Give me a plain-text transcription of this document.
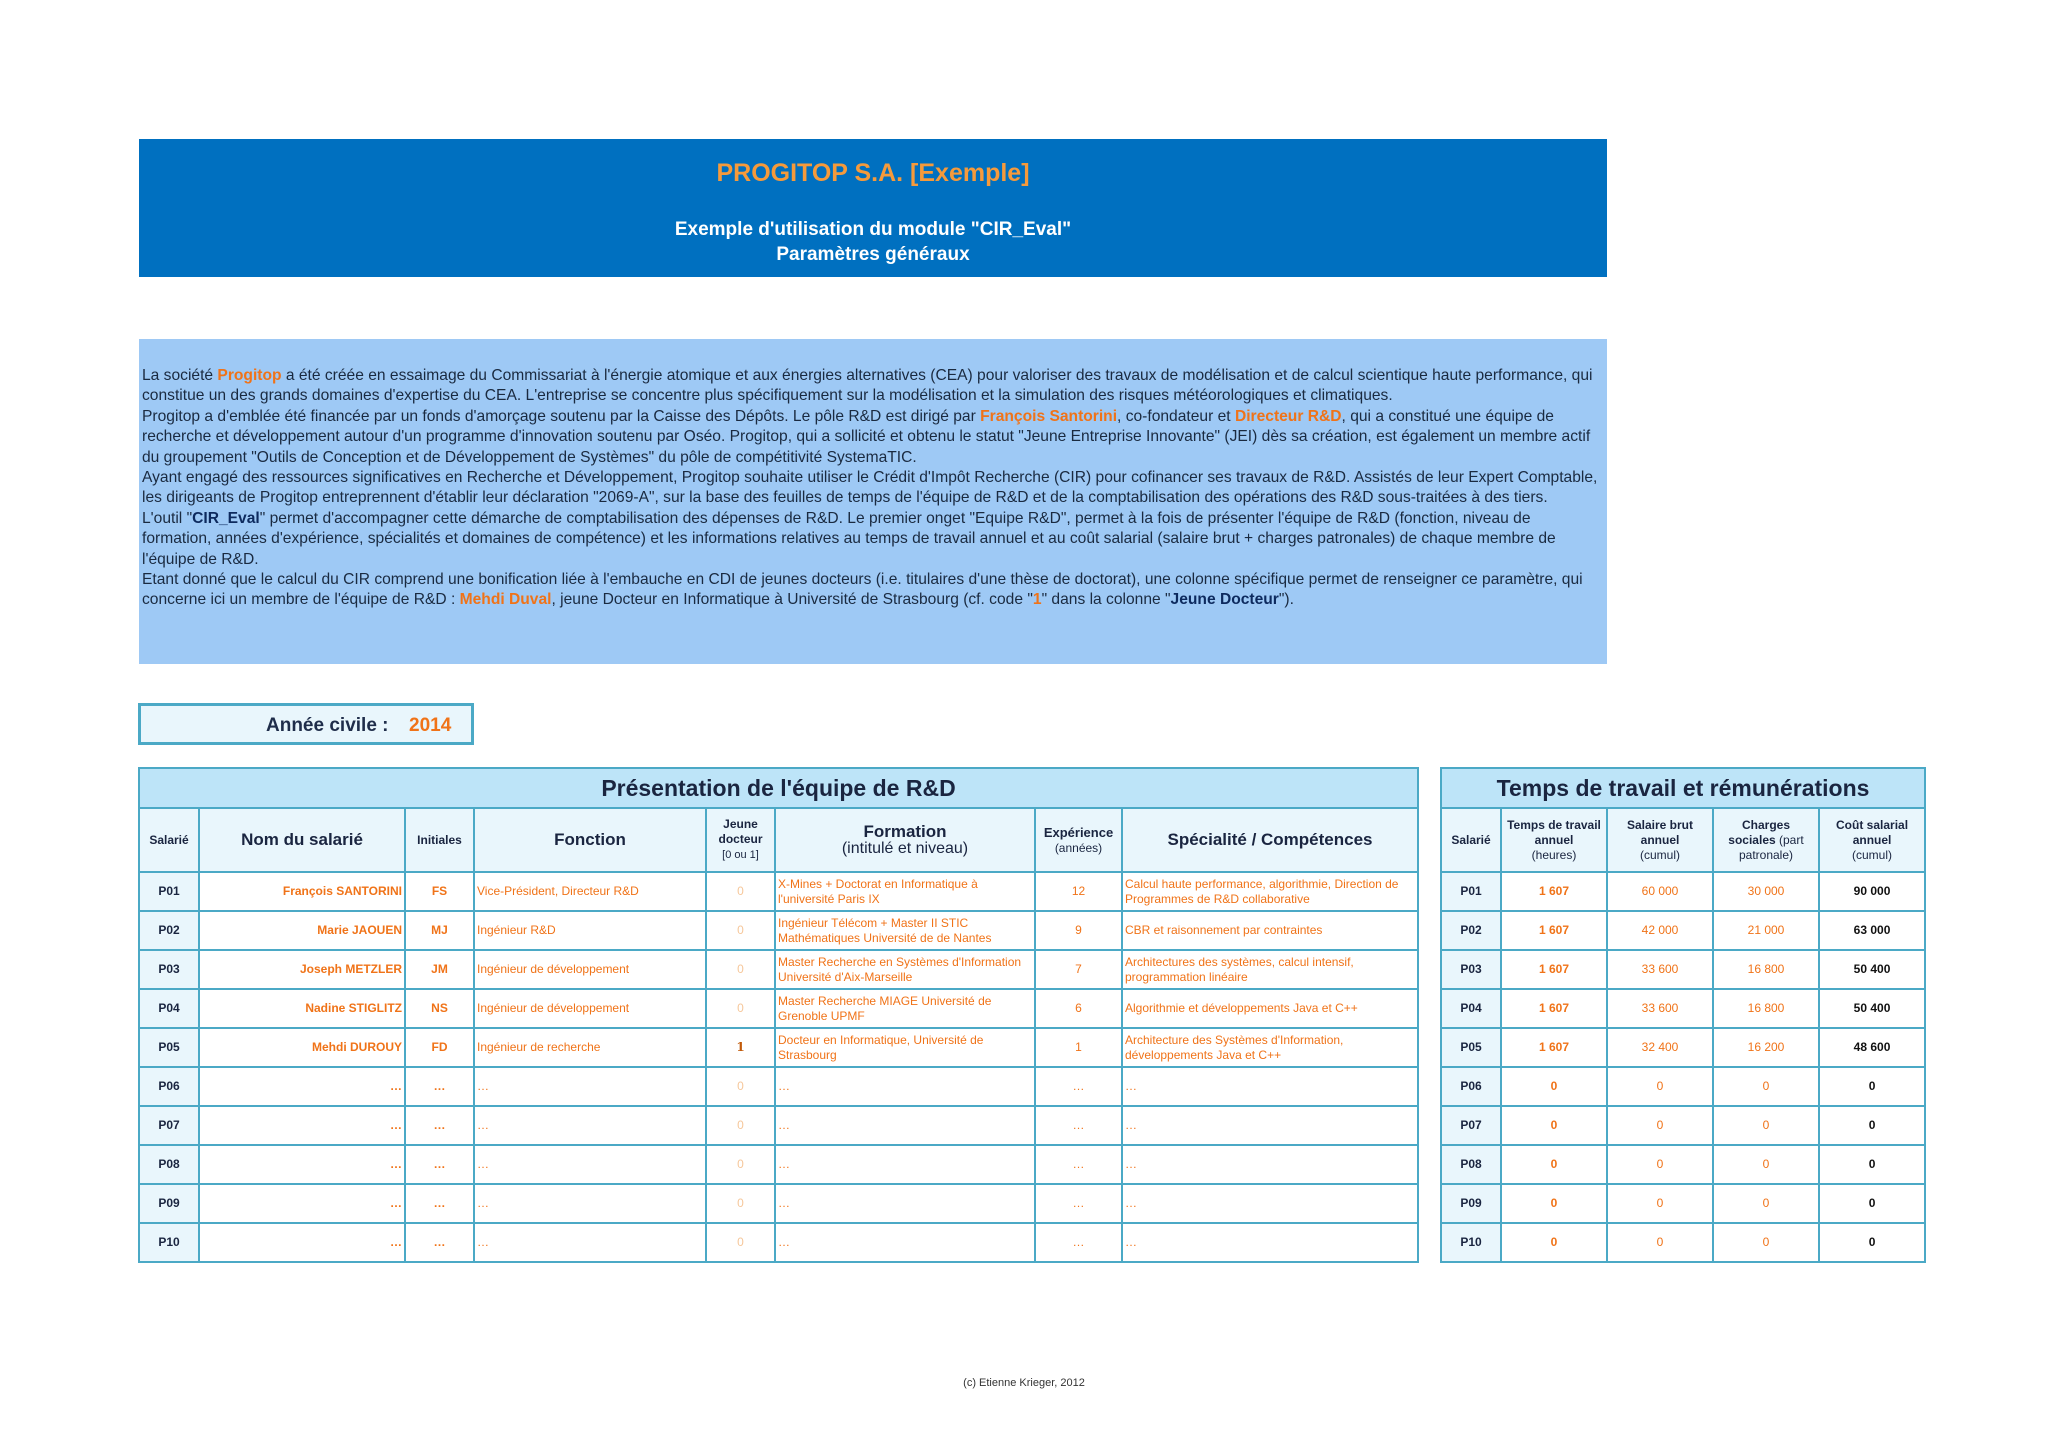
PROGITOP S.A. [Exemple]
Exemple d'utilisation du module "CIR_Eval"
Paramètres généraux

La société Progitop a été créée en essaimage du Commissariat à l'énergie atomique et aux énergies alternatives (CEA) pour valoriser des travaux de modélisation et de calcul scientique haute performance, qui constitue un des grands domaines d'expertise du CEA. L'entreprise se concentre plus spécifiquement sur la modélisation et la simulation des risques météorologiques et climatiques.

Progitop a d'emblée été financée par un fonds d'amorçage soutenu par la Caisse des Dépôts. Le pôle R&D est dirigé par François Santorini, co-fondateur et Directeur R&D, qui a constitué une équipe de recherche et développement autour d'un programme d'innovation soutenu par Oséo. Progitop, qui a sollicité et obtenu le statut "Jeune Entreprise Innovante" (JEI) dès sa création, est également un membre actif du groupement "Outils de Conception et de Développement de Systèmes" du pôle de compétitivité SystemaTIC.

Ayant engagé des ressources significatives en Recherche et Développement, Progitop souhaite utiliser le Crédit d'Impôt Recherche (CIR) pour cofinancer ses travaux de R&D. Assistés de leur Expert Comptable, les dirigeants de Progitop entreprennent d'établir leur déclaration "2069-A", sur la base des feuilles de temps de l'équipe de R&D et de la comptabilisation des opérations des R&D sous-traitées à des tiers.

L'outil "CIR_Eval" permet d'accompagner cette démarche de comptabilisation des dépenses de R&D. Le premier onget "Equipe R&D", permet à la fois de présenter l'équipe de R&D (fonction, niveau de formation, années d'expérience, spécialités et domaines de compétence) et les informations relatives au temps de travail annuel et au coût salarial (salaire brut + charges patronales) de chaque membre de l'équipe de R&D.

Etant donné que le calcul du CIR comprend une bonification liée à l'embauche en CDI de jeunes docteurs (i.e. titulaires d'une thèse de doctorat), une colonne spécifique permet de renseigner ce paramètre, qui concerne ici un membre de l'équipe de R&D : Mehdi Duval, jeune Docteur en Informatique à Université de Strasbourg (cf. code "1" dans la colonne "Jeune Docteur").

Année civile : 2014
Présentation de l'équipe de R&D							
Salarié	Nom du salarié	Initiales	Fonction	Jeune
docteur
[0 ou 1]	Formation
(intitulé et niveau)	Expérience
(années)	Spécialité / Compétences
P01	François SANTORINI	FS	Vice-Président, Directeur R&D	0	X-Mines + Doctorat en Informatique à l'université Paris IX	12	Calcul haute performance, algorithmie, Direction de Programmes de R&D collaborative
P02	Marie JAOUEN	MJ	Ingénieur R&D	0	Ingénieur Télécom + Master II STIC Mathématiques Université de de Nantes	9	CBR et raisonnement par contraintes
P03	Joseph METZLER	JM	Ingénieur de développement	0	Master Recherche en Systèmes d'Information Université d'Aix-Marseille	7	Architectures des systèmes, calcul intensif, programmation linéaire
P04	Nadine STIGLITZ	NS	Ingénieur de développement	0	Master Recherche MIAGE Université de Grenoble UPMF	6	Algorithmie et développements Java et C++
P05	Mehdi DUROUY	FD	Ingénieur de recherche	1	Docteur en Informatique, Université de Strasbourg	1	Architecture des Systèmes d'Information, développements Java et C++
P06	…	…	…	0	…	…	…
P07	…	…	…	0	…	…	…
P08	…	…	…	0	…	…	…
P09	…	…	…	0	…	…	…
P10	…	…	…	0	…	…	…
Temps de travail et rémunérations				
Salarié	Temps de travail
annuel
(heures)	Salaire brut
annuel
(cumul)	Charges
sociales (part
patronale)	Coût salarial
annuel
(cumul)
P01	1 607	60 000	30 000	90 000
P02	1 607	42 000	21 000	63 000
P03	1 607	33 600	16 800	50 400
P04	1 607	33 600	16 800	50 400
P05	1 607	32 400	16 200	48 600
P06	0	0	0	0
P07	0	0	0	0
P08	0	0	0	0
P09	0	0	0	0
P10	0	0	0	0
(c) Etienne Krieger, 2012
